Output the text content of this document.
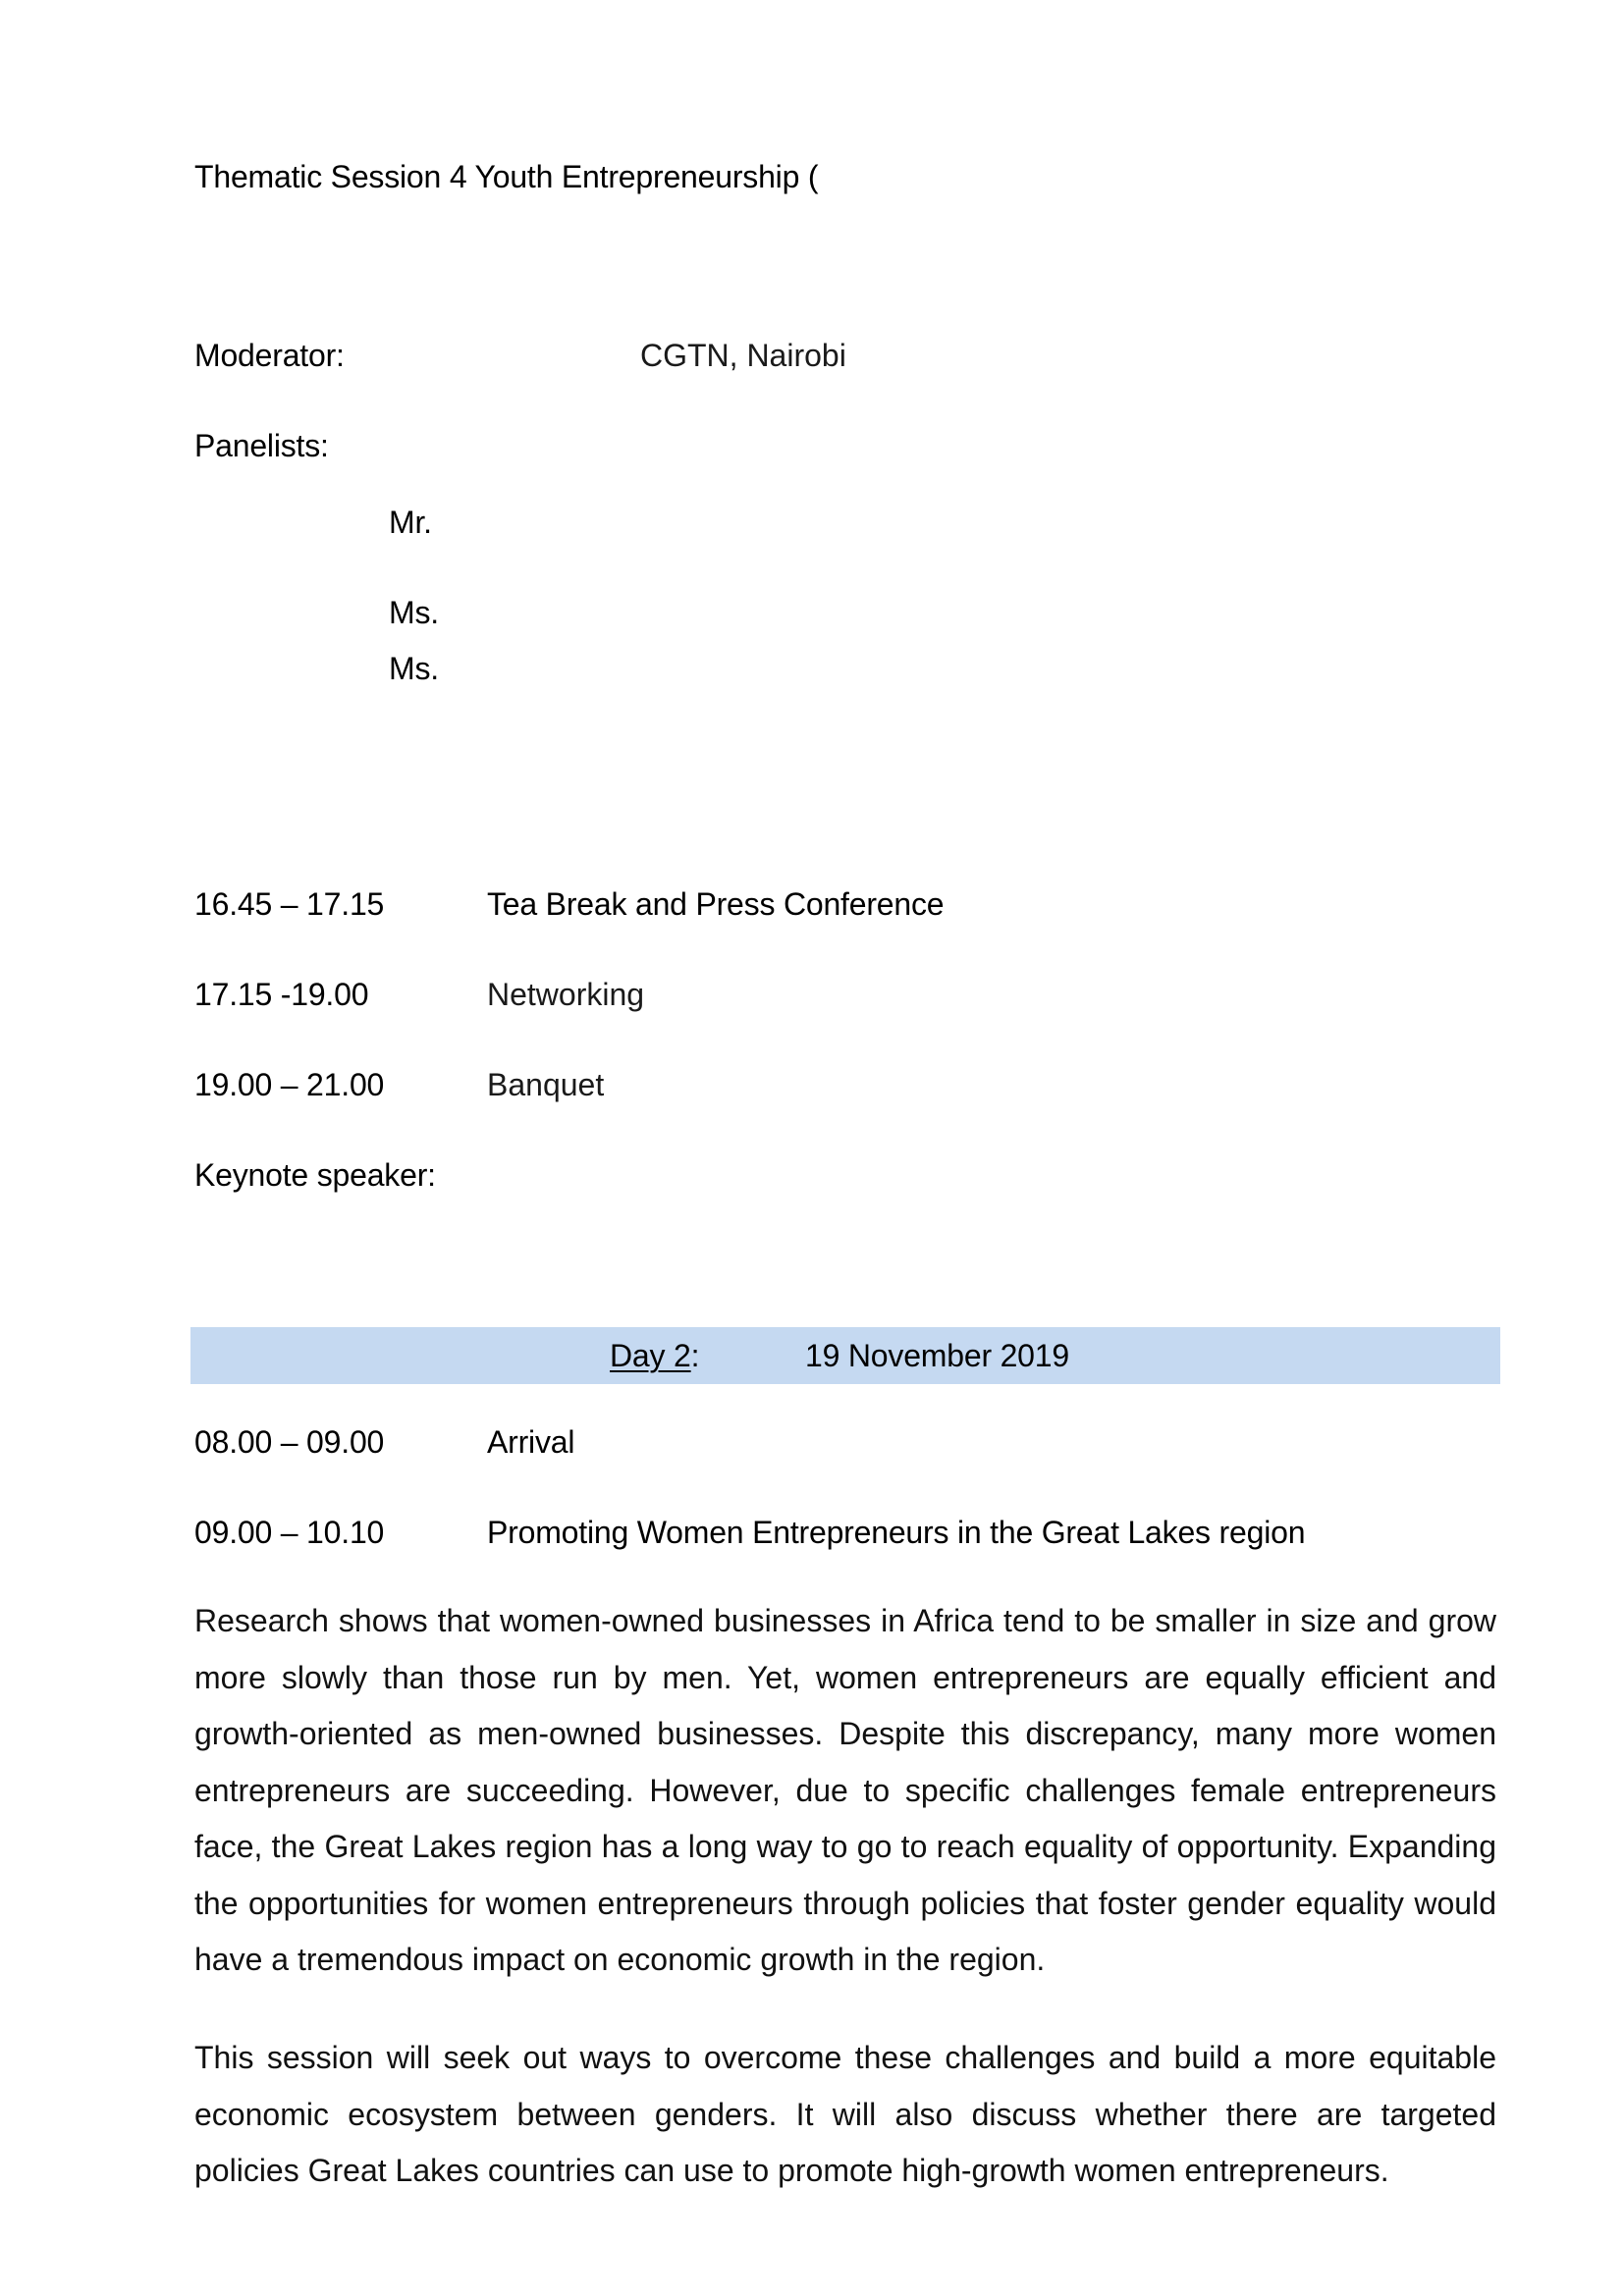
Thematic Session 4 Youth Entrepreneurship (

Moderator:	CGTN, Nairobi

Panelists:

Mr.

Ms.

Ms.

16.45 – 17.15	Tea Break and Press Conference

17.15 -19.00	Networking

19.00 – 21.00	Banquet

Keynote speaker:

Day 2:	19 November 2019

08.00 – 09.00	Arrival

09.00 – 10.10	Promoting Women Entrepreneurs in the Great Lakes region

Research shows that women-owned businesses in Africa tend to be smaller in size and grow more slowly than those run by men. Yet, women entrepreneurs are equally efficient and growth-oriented as men-owned businesses. Despite this discrepancy, many more women entrepreneurs are succeeding. However, due to specific challenges female entrepreneurs face, the Great Lakes region has a long way to go to reach equality of opportunity. Expanding the opportunities for women entrepreneurs through policies that foster gender equality would have a tremendous impact on economic growth in the region.

This session will seek out ways to overcome these challenges and build a more equitable economic ecosystem between genders. It will also discuss whether there are targeted policies Great Lakes countries can use to promote high-growth women entrepreneurs.
